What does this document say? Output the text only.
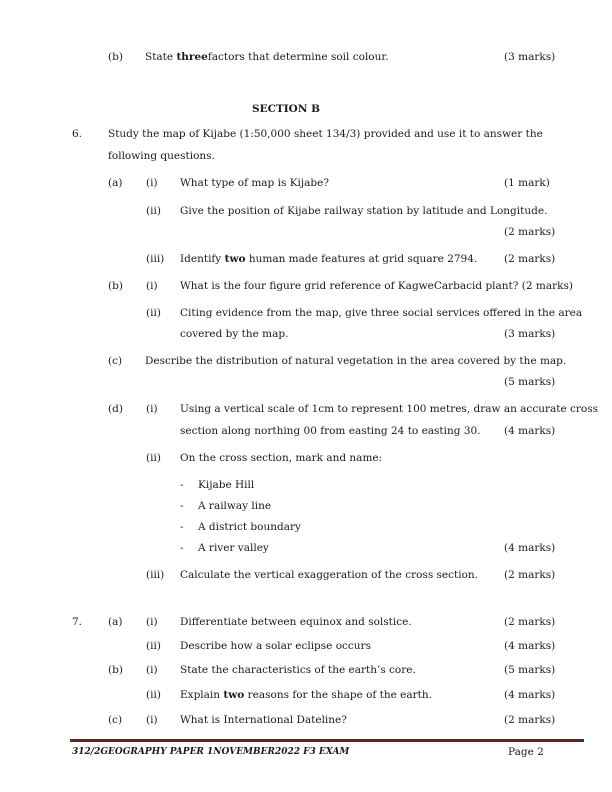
(b) State threefactors that determine soil colour.	(3 marks)
SECTION B
6. Study the map of Kijabe (1:50,000 sheet 134/3) provided and use it to answer the
following questions.
(a) (i) What type of map is Kijabe?	(1 mark)
(ii) Give the position of Kijabe railway station by latitude and Longitude.
(2 marks)
(iii) Identify two human made features at grid square 2794.	(2 marks)
(b) (i) What is the four figure grid reference of KagweCarbacid plant? (2 marks)
(ii) Citing evidence from the map, give three social services offered in the area
covered by the map.	(3 marks)
(c) Describe the distribution of natural vegetation in the area covered by the map.
(5 marks)
(d) (i) Using a vertical scale of 1cm to represent 100 metres, draw an accurate cross
section along northing 00 from easting 24 to easting 30. (4 marks)
(ii) On the cross section, mark and name:
- Kijabe Hill
- A railway line
- A district boundary
- A river valley	(4 marks)
(iii) Calculate the vertical exaggeration of the cross section. (2 marks)
7. (a) (i) Differentiate between equinox and solstice.	(2 marks)
(ii) Describe how a solar eclipse occurs	(4 marks)
(b) (i) State the characteristics of the earth’s core.	(5 marks)
(ii) Explain two reasons for the shape of the earth.	(4 marks)
(c) (i) What is International Dateline?	(2 marks)
312/2GEOGRAPHY PAPER 1NOVEMBER2022 F3 EXAM	Page 2
